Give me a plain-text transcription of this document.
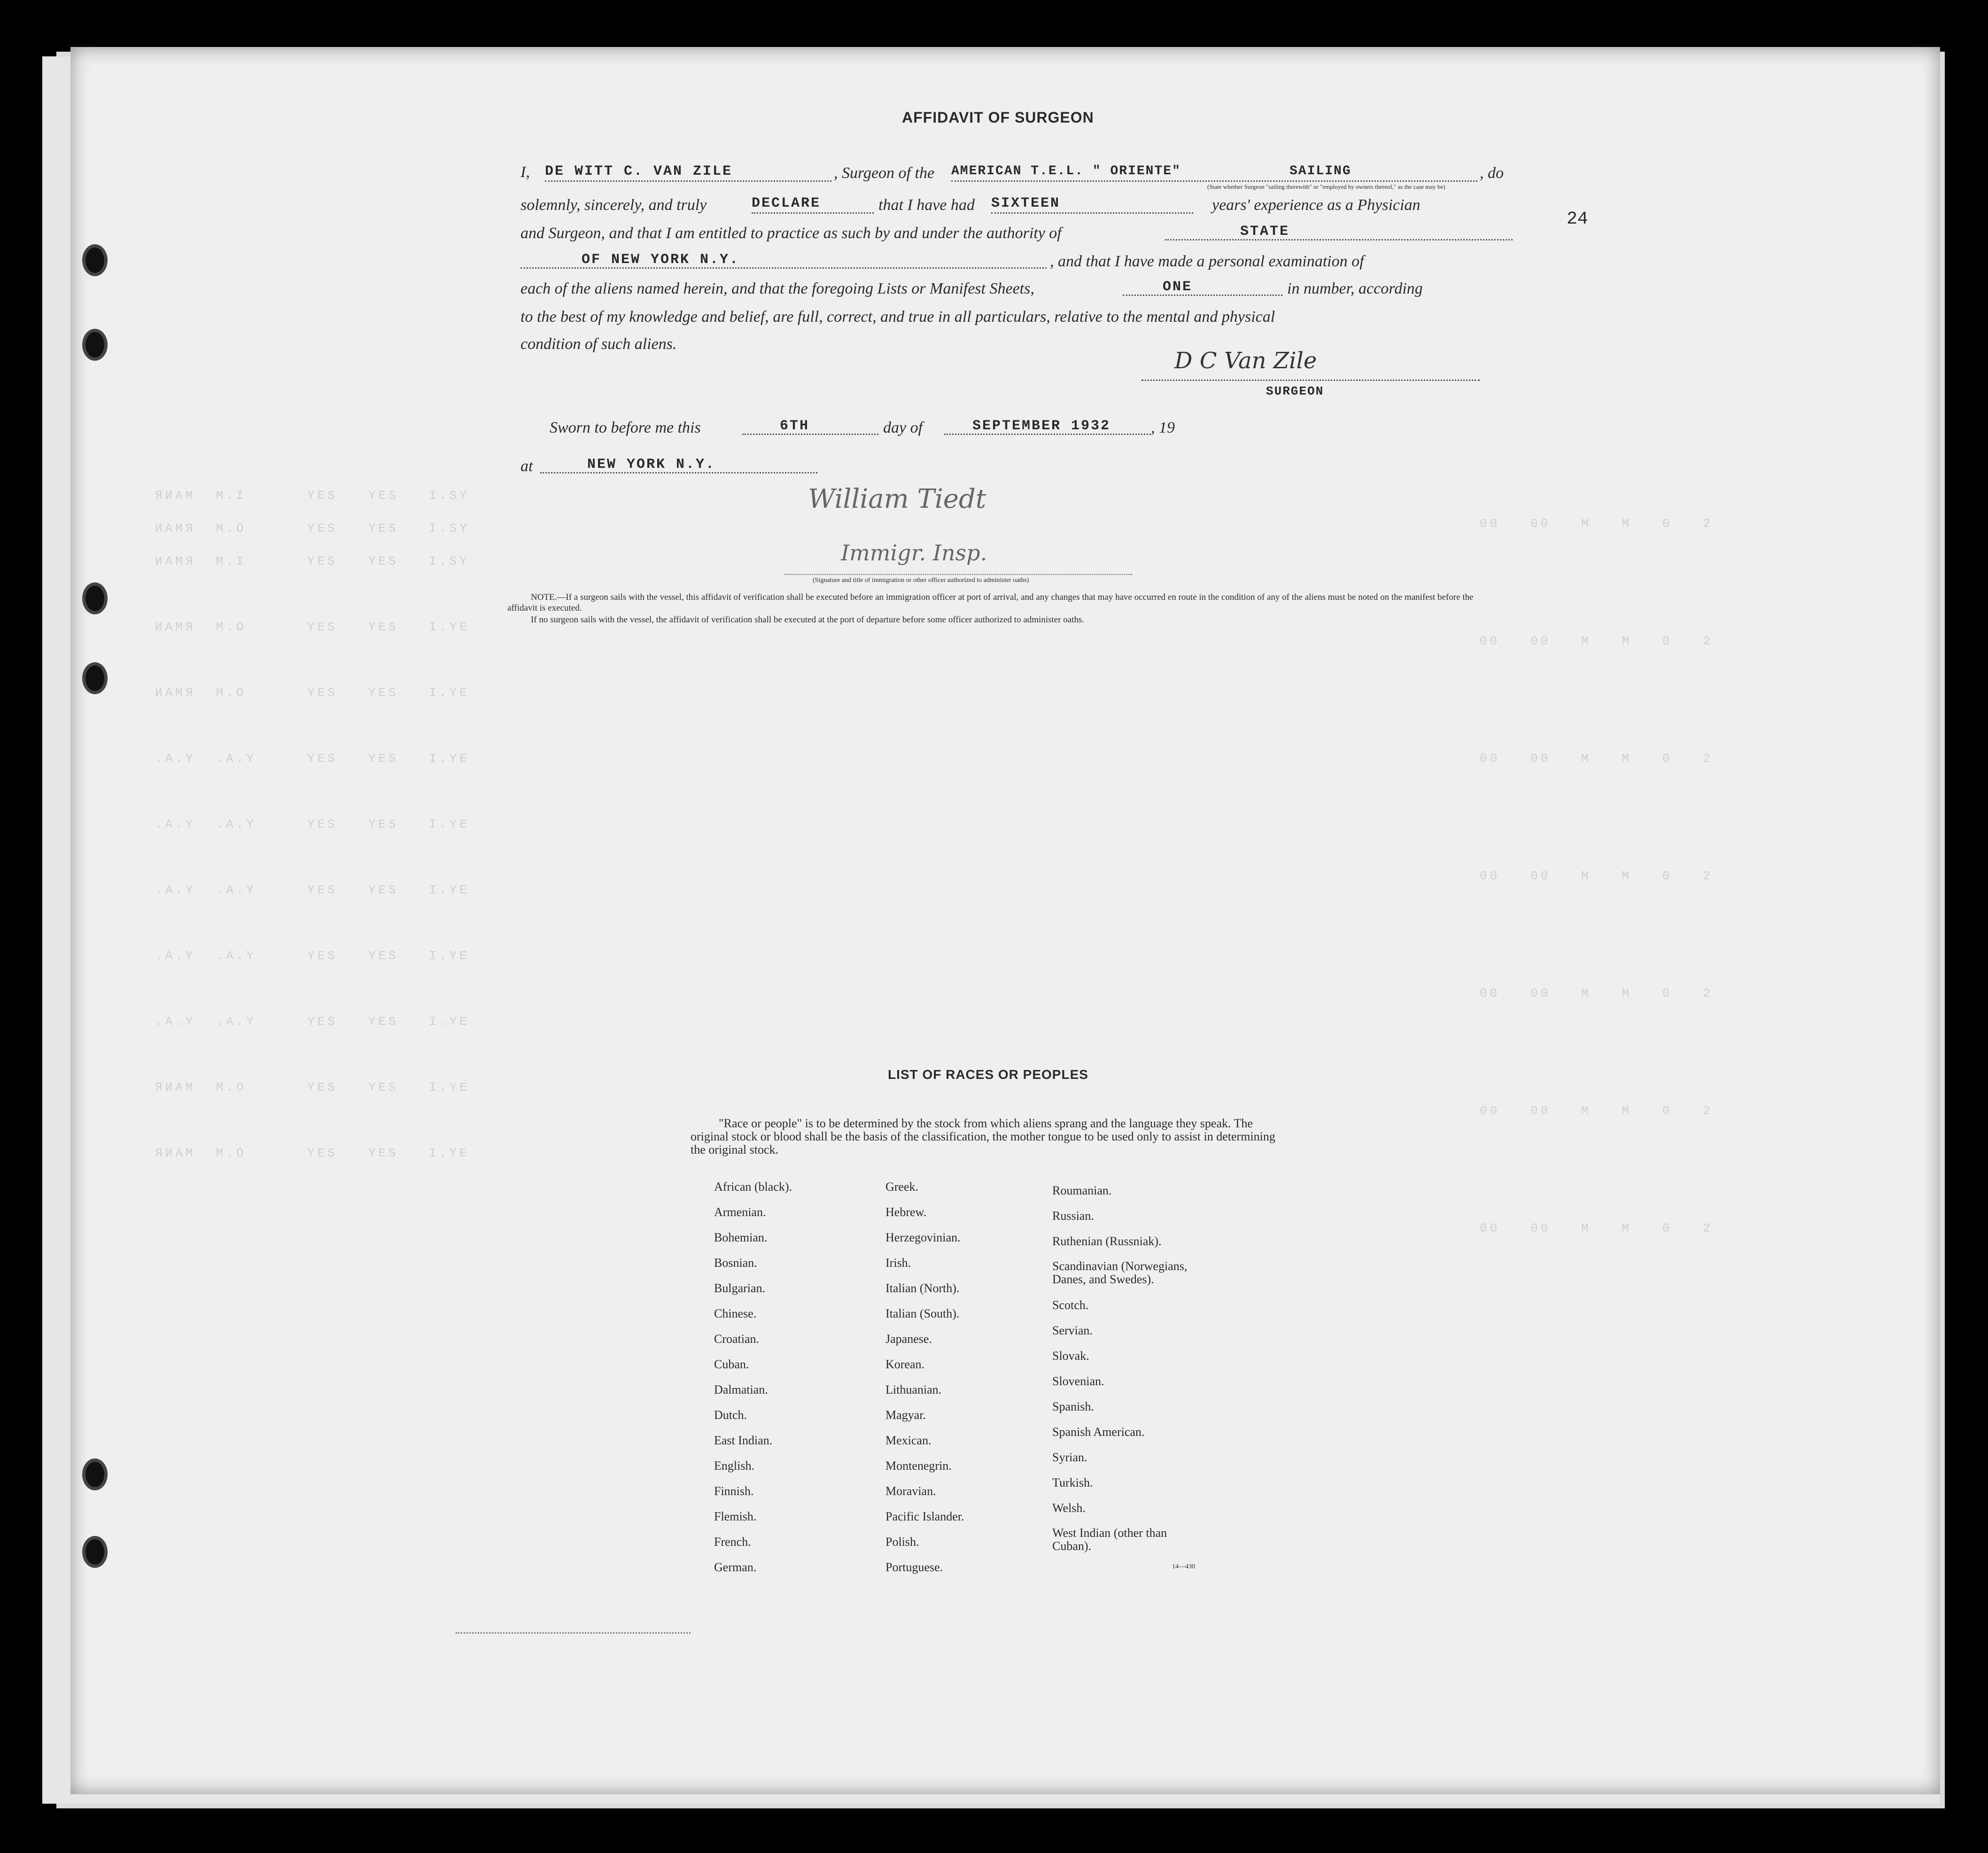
ЯИAM  M.I      YES   YES   I.SY
ИAMЯ  M.O      YES   YES   I.SY
ИAMЯ  M.I      YES   YES   I.SY
ИAMЯ  M.O      YES   YES   I.YE
ИAMЯ  M.O      YES   YES   I.YE
.A.Y  .A.Y     YES   YES   I.YE
.A.Y  .A.Y     YES   YES   I.YE
.A.Y  .A.Y     YES   YES   I.YE
.A.Y  .A.Y     YES   YES   I.YE
.A.Y  .A.Y     YES   YES   I.YE
ЯИAM  M.O      YES   YES   I.YE
ЯИAM  M.O      YES   YES   I.YE
00   00   M   M   0   2
00   00   M   M   0   2
00   00   M   M   0   2
00   00   M   M   0   2
00   00   M   M   0   2
00   00   M   M   0   2
00   00   M   M   0   2
24
AFFIDAVIT OF SURGEON
I, DE WITT C. VAN ZILE	, Surgeon of the AMERICAN T.E.L. " ORIENTE"	SAILING	, do
(State whether Surgeon "sailing therewith" or "employed by owners thereof," as the case may be)
solemnly, sincerely, and truly	DECLARE	that I have had SIXTEEN	years' experience as a Physician
and Surgeon, and that I am entitled to practice as such by and under the authority of	STATE
OF NEW YORK N.Y.	, and that I have made a personal examination of
each of the aliens named herein, and that the foregoing Lists or Manifest Sheets,	ONE	in number, according
to the best of my knowledge and belief, are full, correct, and true in all particulars, relative to the mental and physical
condition of such aliens.
D C Van Zile
SURGEON
Sworn to before me this	6TH	day of	SEPTEMBER 1932	, 19
at	NEW YORK N.Y.
William Tiedt
Immigr. Insp.
(Signature and title of immigration or other officer authorized to administer oaths)
NOTE.—If a surgeon sails with the vessel, this affidavit of verification shall be executed before an immigration officer at port of arrival, and any changes that may have occurred en route in the condition of any of the aliens must be noted on the manifest before the affidavit is executed.
If no surgeon sails with the vessel, the affidavit of verification shall be executed at the port of departure before some officer authorized to administer oaths.
LIST OF RACES OR PEOPLES
"Race or people" is to be determined by the stock from which aliens sprang and the language they speak. The original stock or blood shall be the basis of the classification, the mother tongue to be used only to assist in determining the original stock.
African (black).
Armenian.
Bohemian.
Bosnian.
Bulgarian.
Chinese.
Croatian.
Cuban.
Dalmatian.
Dutch.
East Indian.
English.
Finnish.
Flemish.
French.
German.
Greek.
Hebrew.
Herzegovinian.
Irish.
Italian (North).
Italian (South).
Japanese.
Korean.
Lithuanian.
Magyar.
Mexican.
Montenegrin.
Moravian.
Pacific Islander.
Polish.
Portuguese.
Roumanian.
Russian.
Ruthenian (Russniak).
Scandinavian (Norwegians, Danes, and Swedes).
Scotch.
Servian.
Slovak.
Slovenian.
Spanish.
Spanish American.
Syrian.
Turkish.
Welsh.
West Indian (other than Cuban).
14—430
